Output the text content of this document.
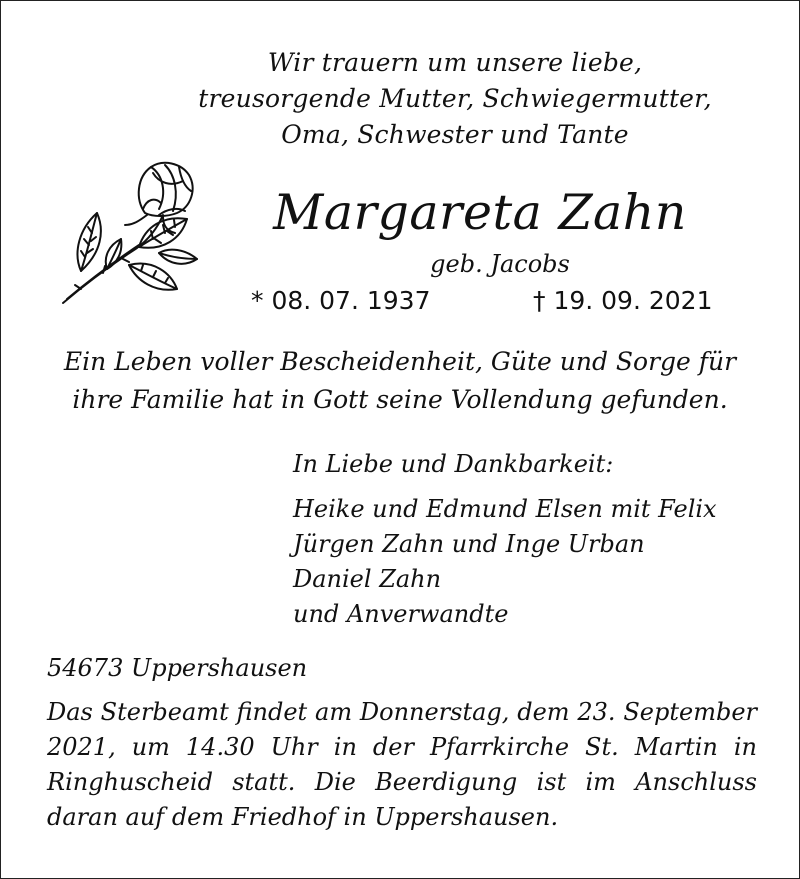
Wir trauern um unsere liebe,
treusorgende Mutter, Schwiegermutter,
Oma, Schwester und Tante
Margareta Zahn
geb. Jacobs
* 08. 07. 1937	† 19. 09. 2021
Ein Leben voller Bescheidenheit, Güte und Sorge für
ihre Familie hat in Gott seine Vollendung gefunden.
In Liebe und Dankbarkeit:
Heike und Edmund Elsen mit Felix
Jürgen Zahn und Inge Urban
Daniel Zahn
und Anverwandte
54673 Uppershausen
Das Sterbeamt findet am Donnerstag, dem 23. September
2021, um 14.30 Uhr in der Pfarrkirche St. Martin in
Ringhuscheid statt. Die Beerdigung ist im Anschluss
daran auf dem Friedhof in Uppershausen.
